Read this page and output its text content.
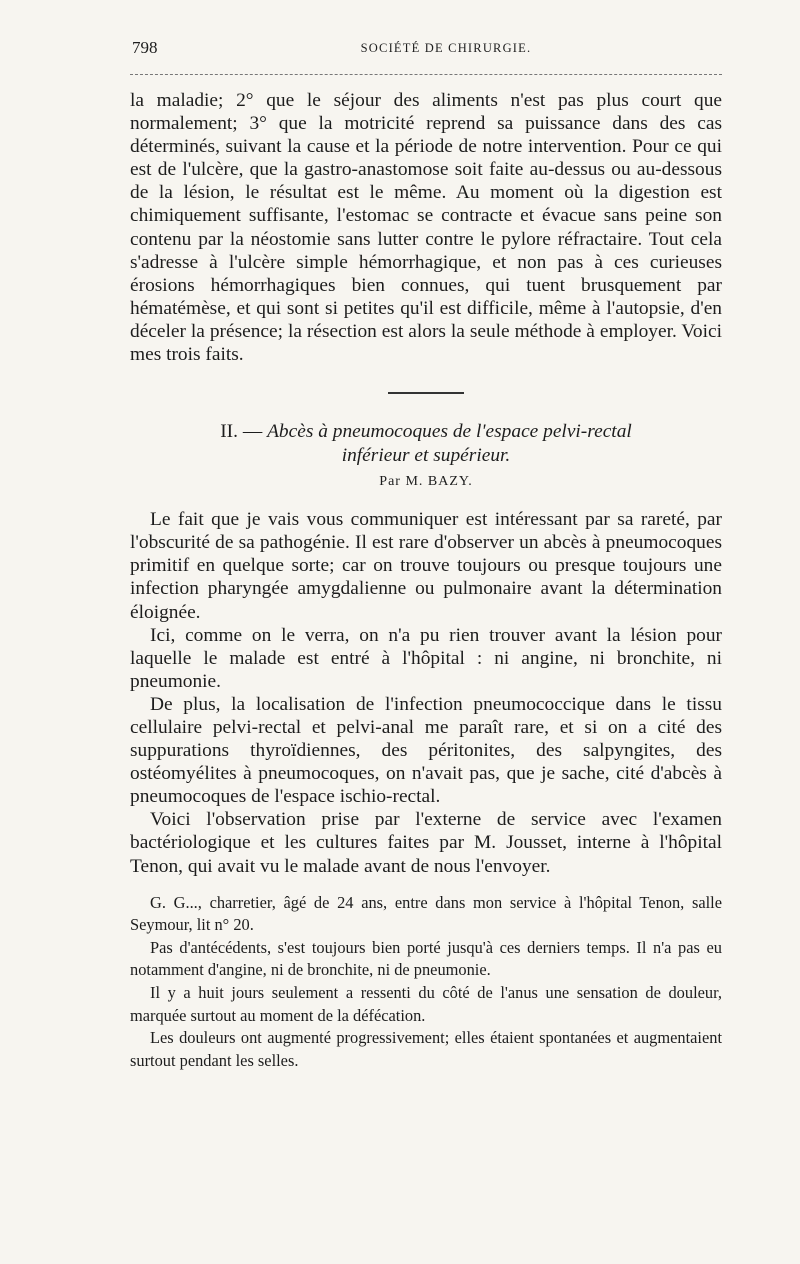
798	SOCIÉTÉ DE CHIRURGIE.

la maladie; 2° que le séjour des aliments n'est pas plus court que normalement; 3° que la motricité reprend sa puissance dans des cas déterminés, suivant la cause et la période de notre intervention. Pour ce qui est de l'ulcère, que la gastro-anastomose soit faite au-dessus ou au-dessous de la lésion, le résultat est le même. Au moment où la digestion est chimiquement suffisante, l'estomac se contracte et évacue sans peine son contenu par la néostomie sans lutter contre le pylore réfractaire. Tout cela s'adresse à l'ulcère simple hémorrhagique, et non pas à ces curieuses érosions hémorrhagiques bien connues, qui tuent brusquement par hématémèse, et qui sont si petites qu'il est difficile, même à l'autopsie, d'en déceler la présence; la résection est alors la seule méthode à employer. Voici mes trois faits.

II. — Abcès à pneumocoques de l'espace pelvi-rectal
inférieur et supérieur.
Par M. BAZY.

Le fait que je vais vous communiquer est intéressant par sa rareté, par l'obscurité de sa pathogénie. Il est rare d'observer un abcès à pneumocoques primitif en quelque sorte; car on trouve toujours ou presque toujours une infection pharyngée amygdalienne ou pulmonaire avant la détermination éloignée.

Ici, comme on le verra, on n'a pu rien trouver avant la lésion pour laquelle le malade est entré à l'hôpital : ni angine, ni bronchite, ni pneumonie.

De plus, la localisation de l'infection pneumococcique dans le tissu cellulaire pelvi-rectal et pelvi-anal me paraît rare, et si on a cité des suppurations thyroïdiennes, des péritonites, des salpyngites, des ostéomyélites à pneumocoques, on n'avait pas, que je sache, cité d'abcès à pneumocoques de l'espace ischio-rectal.

Voici l'observation prise par l'externe de service avec l'examen bactériologique et les cultures faites par M. Jousset, interne à l'hôpital Tenon, qui avait vu le malade avant de nous l'envoyer.

G. G..., charretier, âgé de 24 ans, entre dans mon service à l'hôpital Tenon, salle Seymour, lit n° 20.

Pas d'antécédents, s'est toujours bien porté jusqu'à ces derniers temps. Il n'a pas eu notamment d'angine, ni de bronchite, ni de pneumonie.

Il y a huit jours seulement a ressenti du côté de l'anus une sensation de douleur, marquée surtout au moment de la défécation.

Les douleurs ont augmenté progressivement; elles étaient spontanées et augmentaient surtout pendant les selles.
